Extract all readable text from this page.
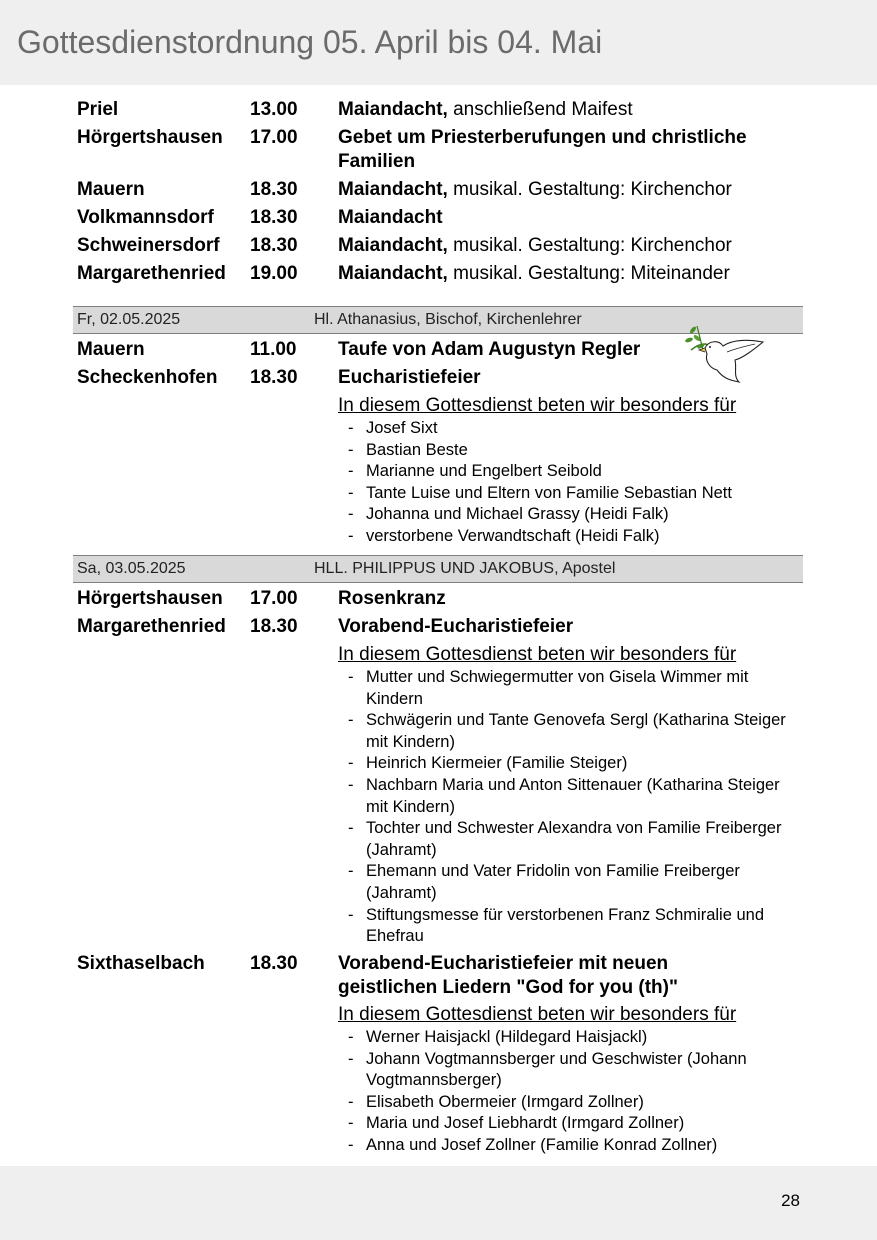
Gottesdienstordnung 05. April bis 04. Mai
Priel	13.00 Maiandacht, anschließend Maifest
Hörgertshausen 17.00 Gebet um Priesterberufungen und christliche Familien
Mauern	18.30 Maiandacht, musikal. Gestaltung: Kirchenchor
Volkmannsdorf 18.30 Maiandacht
Schweinersdorf 18.30 Maiandacht, musikal. Gestaltung: Kirchenchor
Margarethenried 19.00 Maiandacht, musikal. Gestaltung: Miteinander
Fr, 02.05.2025	Hl. Athanasius, Bischof, Kirchenlehrer
Mauern	11.00 Taufe von Adam Augustyn Regler
Scheckenhofen 18.30 Eucharistiefeier
In diesem Gottesdienst beten wir besonders für
- Josef Sixt
- Bastian Beste
- Marianne und Engelbert Seibold
- Tante Luise und Eltern von Familie Sebastian Nett
- Johanna und Michael Grassy (Heidi Falk)
- verstorbene Verwandtschaft (Heidi Falk)
Sa, 03.05.2025	HLL. PHILIPPUS UND JAKOBUS, Apostel
Hörgertshausen 17.00 Rosenkranz
Margarethenried 18.30 Vorabend-Eucharistiefeier
In diesem Gottesdienst beten wir besonders für
- Mutter und Schwiegermutter von Gisela Wimmer mit Kindern
- Schwägerin und Tante Genovefa Sergl (Katharina Steiger mit Kindern)
- Heinrich Kiermeier (Familie Steiger)
- Nachbarn Maria und Anton Sittenauer (Katharina Steiger mit Kindern)
- Tochter und Schwester Alexandra von Familie Freiberger (Jahramt)
- Ehemann und Vater Fridolin von Familie Freiberger (Jahramt)
- Stiftungsmesse für verstorbenen Franz Schmiralie und Ehefrau
Sixthaselbach 18.30 Vorabend-Eucharistiefeier mit neuen geistlichen Liedern "God for you (th)"
In diesem Gottesdienst beten wir besonders für
- Werner Haisjackl (Hildegard Haisjackl)
- Johann Vogtmannsberger und Geschwister (Johann Vogtmannsberger)
- Elisabeth Obermeier (Irmgard Zollner)
- Maria und Josef Liebhardt (Irmgard Zollner)
- Anna und Josef Zollner (Familie Konrad Zollner)
28
